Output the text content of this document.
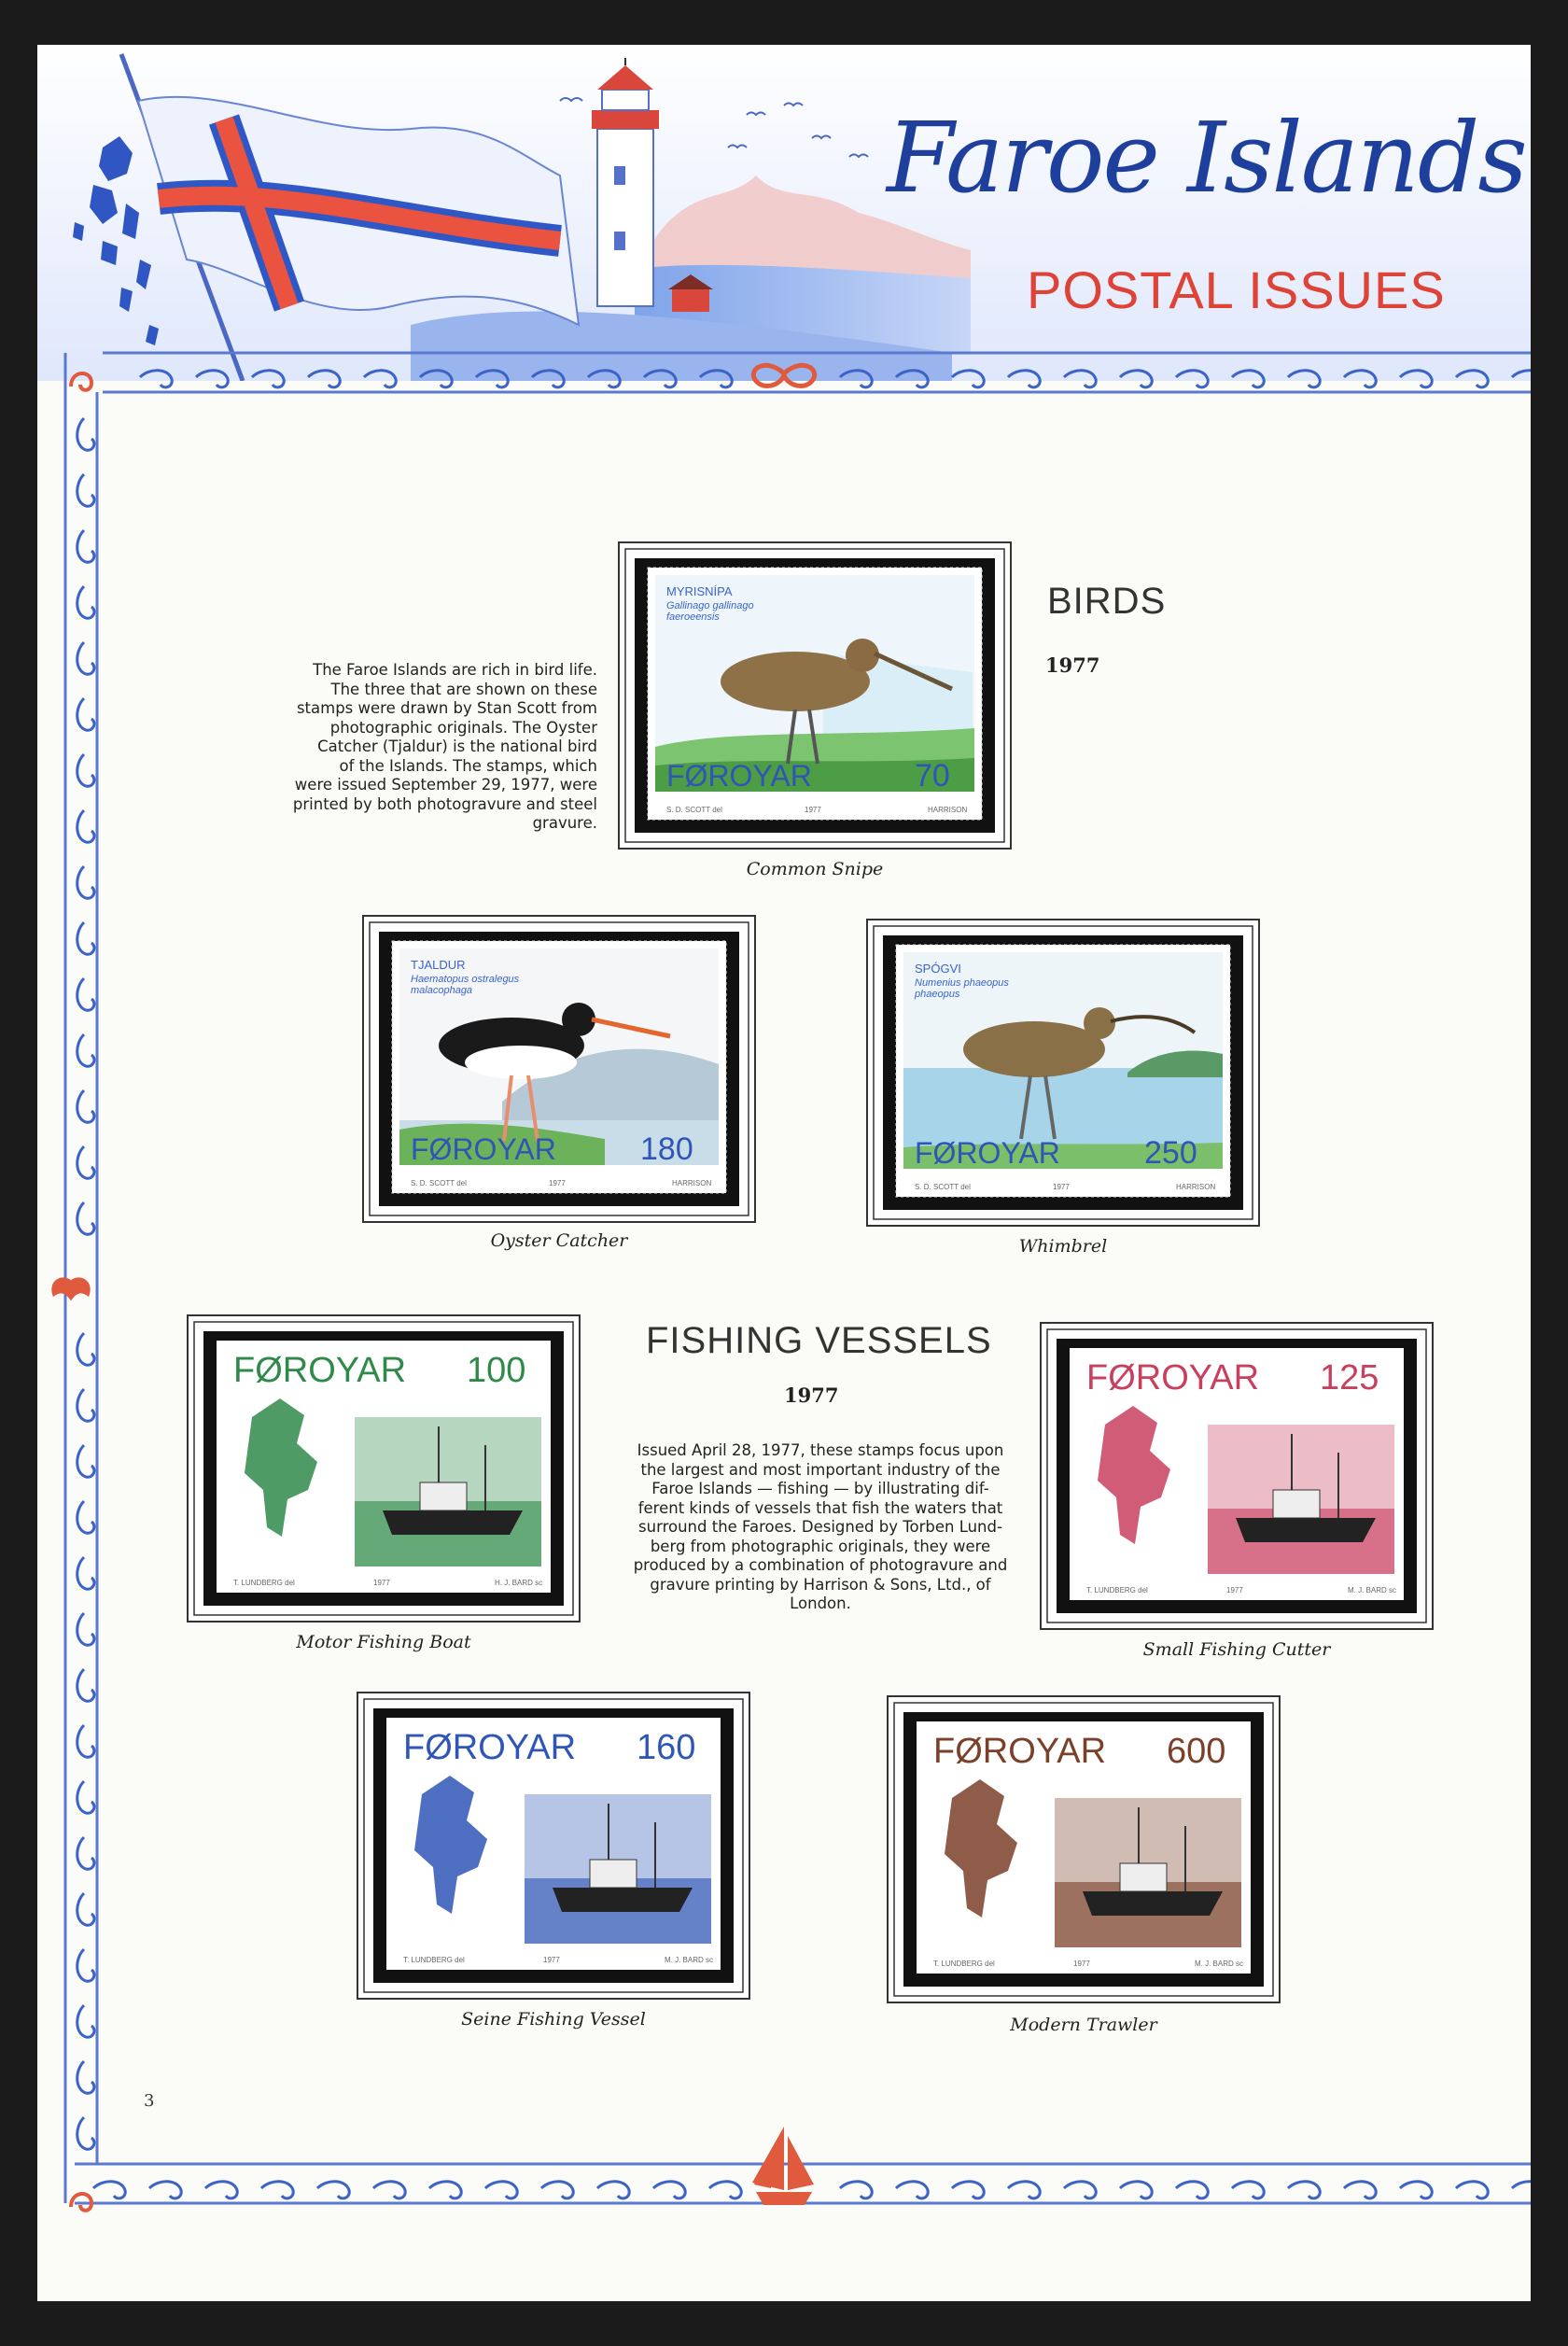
Faroe Islands
POSTAL ISSUES
BIRDS
1977
The Faroe Islands are rich in bird life.
The three that are shown on these
stamps were drawn by Stan Scott from
photographic originals. The Oyster
Catcher (Tjaldur) is the national bird
of the Islands. The stamps, which
were issued September 29, 1977, were
printed by both photogravure and steel
gravure.
MYRISNÍPA
Gallinago gallinago
faeroeensis
FØROYAR	70
S. D. SCOTT del	1977	HARRISON
Common Snipe
TJALDUR
Haematopus ostralegus
malacophaga
FØROYAR	180
S. D. SCOTT del	1977	HARRISON
Oyster Catcher
SPÓGVI
Numenius phaeopus
phaeopus
FØROYAR	250
S. D. SCOTT del	1977	HARRISON
Whimbrel
FISHING VESSELS
1977
Issued April 28, 1977, these stamps focus upon
the largest and most important industry of the
Faroe Islands — fishing — by illustrating dif-
ferent kinds of vessels that fish the waters that
surround the Faroes. Designed by Torben Lund-
berg from photographic originals, they were
produced by a combination of photogravure and
gravure printing by Harrison & Sons, Ltd., of
London.
FØROYAR 100
T. LUNDBERG del	1977	H. J. BARD sc
Motor Fishing Boat
FØROYAR 125
T. LUNDBERG del	1977	M. J. BARD sc
Small Fishing Cutter
FØROYAR 160
T. LUNDBERG del	1977	M. J. BARD sc
Seine Fishing Vessel
FØROYAR 600
T. LUNDBERG del	1977	M. J. BARD sc
Modern Trawler
3
